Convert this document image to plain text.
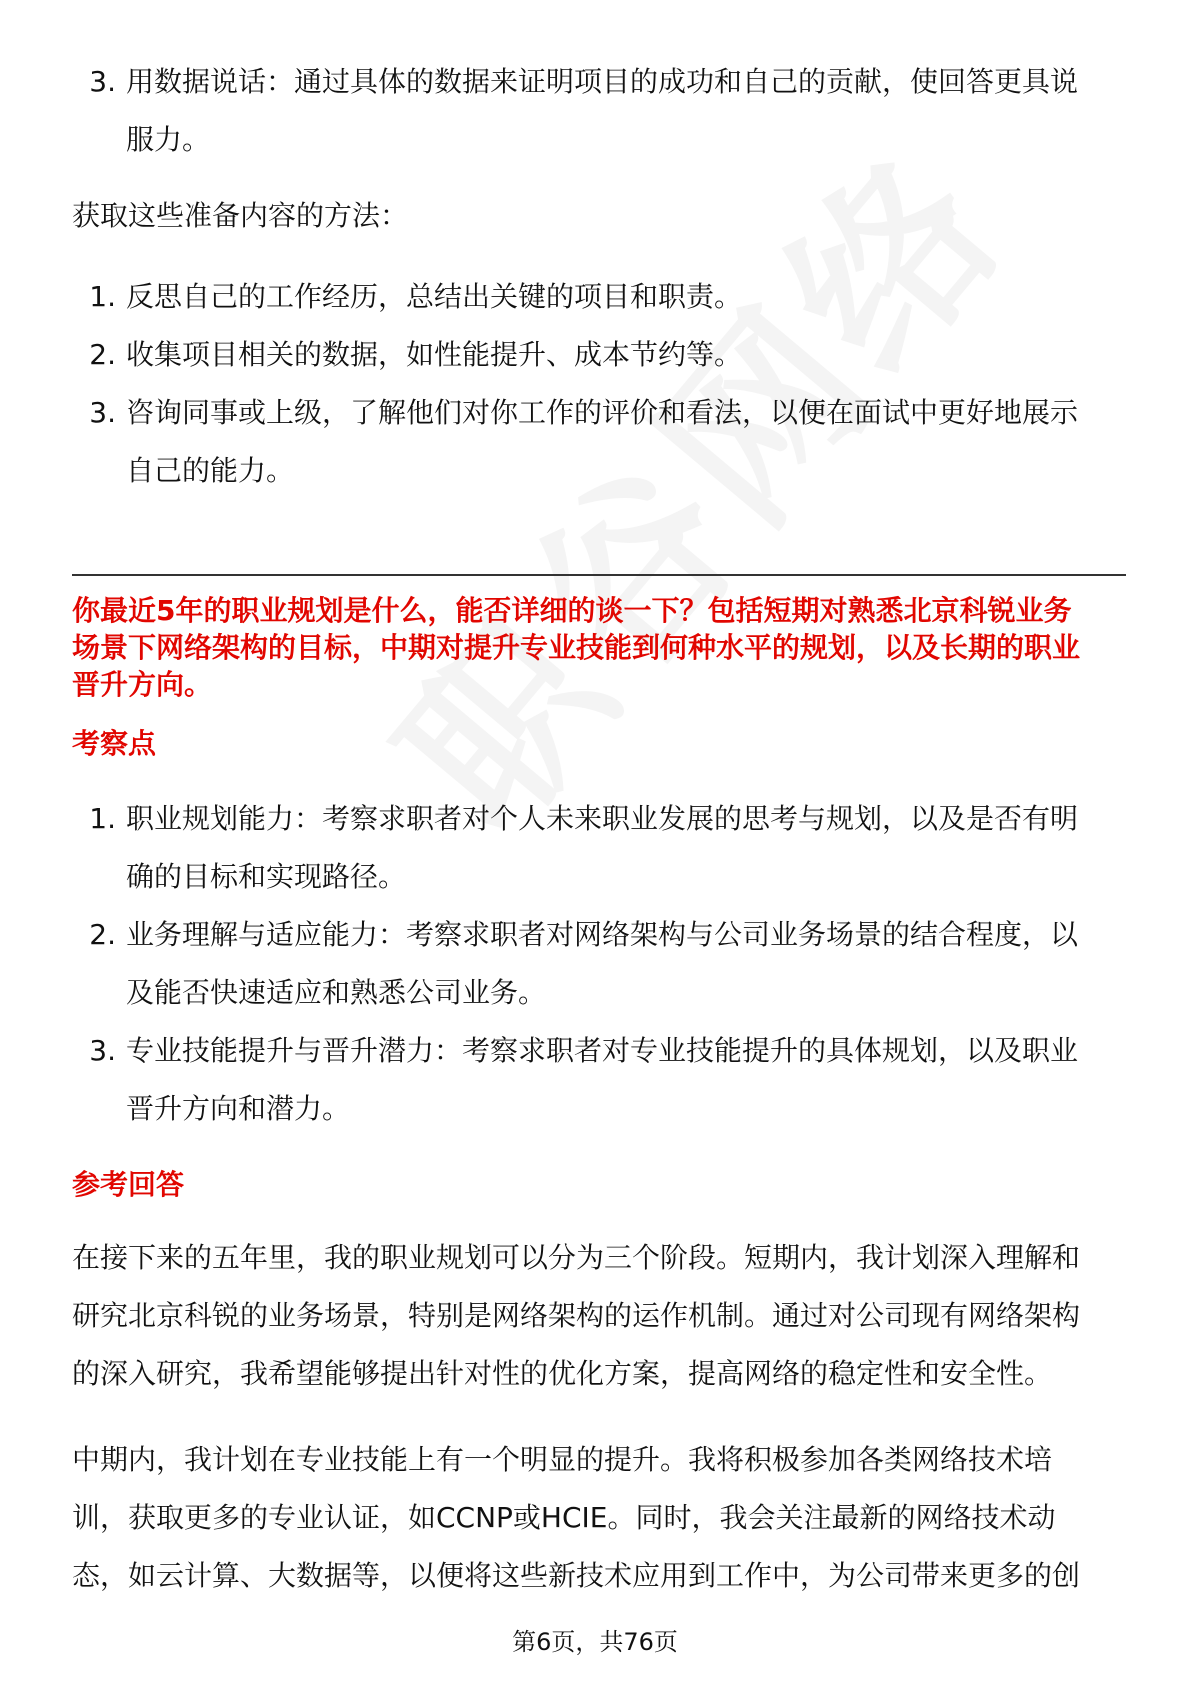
3. 用数据说话：通过具体的数据来证明项目的成功和自己的贡献，使回答更具说
服力。
获取这些准备内容的方法：
1. 反思自己的工作经历，总结出关键的项目和职责。
2. 收集项目相关的数据，如性能提升、成本节约等。
3. 咨询同事或上级，了解他们对你工作的评价和看法，以便在面试中更好地展示
自己的能力。
你最近5年的职业规划是什么，能否详细的谈一下？包括短期对熟悉北京科锐业务
场景下网络架构的目标，中期对提升专业技能到何种水平的规划，以及长期的职业
晋升方向。
考察点
1. 职业规划能力：考察求职者对个人未来职业发展的思考与规划，以及是否有明
确的目标和实现路径。
2. 业务理解与适应能力：考察求职者对网络架构与公司业务场景的结合程度，以
及能否快速适应和熟悉公司业务。
3. 专业技能提升与晋升潜力：考察求职者对专业技能提升的具体规划，以及职业
晋升方向和潜力。
参考回答
在接下来的五年里，我的职业规划可以分为三个阶段。短期内，我计划深入理解和
研究北京科锐的业务场景，特别是网络架构的运作机制。通过对公司现有网络架构
的深入研究，我希望能够提出针对性的优化方案，提高网络的稳定性和安全性。
中期内，我计划在专业技能上有一个明显的提升。我将积极参加各类网络技术培
训，获取更多的专业认证，如CCNP或HCIE。同时，我会关注最新的网络技术动
态，如云计算、大数据等，以便将这些新技术应用到工作中，为公司带来更多的创
第6页，共76页
